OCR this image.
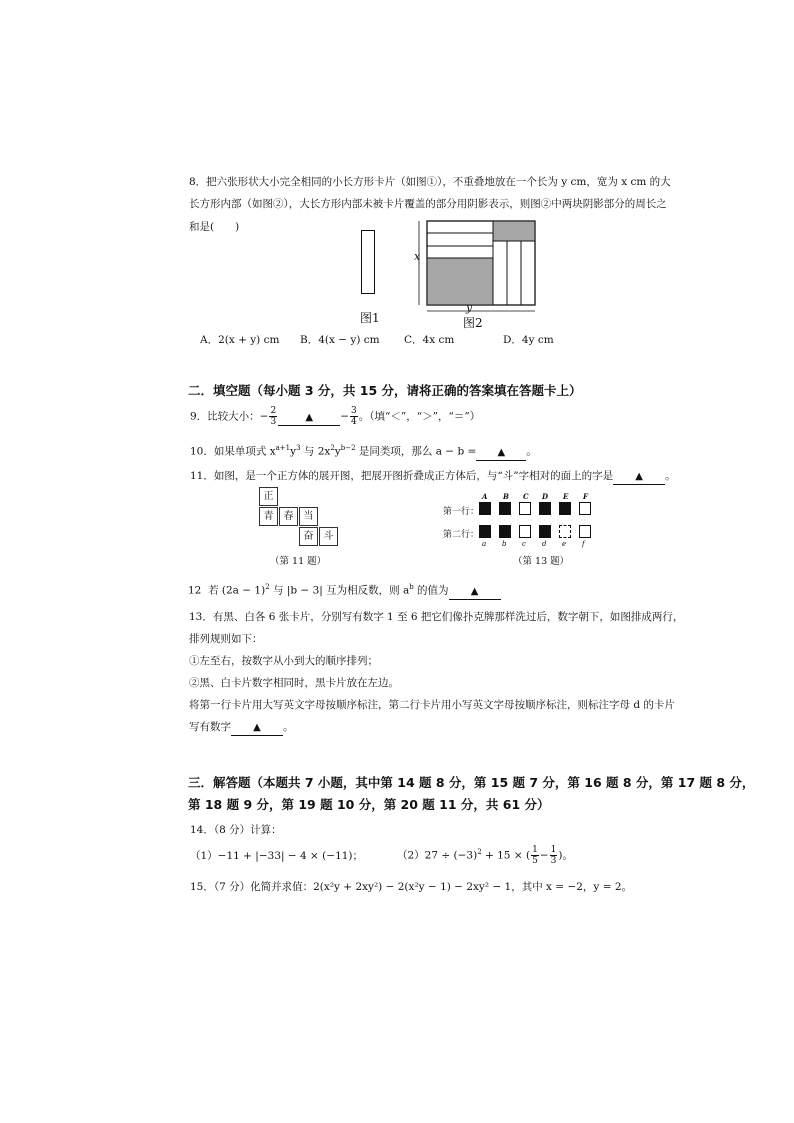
8．把六张形状大小完全相同的小长方形卡片（如图①），不重叠地放在一个长为 y cm，宽为 x cm 的大
长方形内部（如图②），大长方形内部未被卡片覆盖的部分用阴影表示，则图②中两块阴影部分的周长之
和是(　　)
图1
x
y
图2
A．2(x + y) cm B．4(x − y) cm C．4x cm	D．4y cm
二．填空题（每小题 3 分，共 15 分，请将正确的答案填在答题卡上）
9．比较大小：− $\frac{2}{3}$	▲	− $\frac{3}{4}$ 。（填“＜”，“＞”，“＝”）
10．如果单项式 $x^{a+1}y^3$ 与 $2x^2y^{b-2}$ 是同类项，那么 a − b = ▲ 。
11．如图，是一个正方体的展开图，把展开图折叠成正方体后，与“斗”字相对的面上的字是 ▲ 。
正
青	春	当
奋	斗
（第 11 题）
第一行：
第二行：
A B C D E F
a b c d e f
（第 13 题）
12 若 $(2a - 1)^2$ 与 |b − 3| 互为相反数，则 $a^b$ 的值为 ▲
13．有黑、白各 6 张卡片，分别写有数字 1 至 6 把它们像扑克牌那样洗过后，数字朝下，如图排成两行，
排列规则如下：
①左至右，按数字从小到大的顺序排列；
②黑、白卡片数字相同时，黑卡片放在左边。
将第一行卡片用大写英文字母按顺序标注，第二行卡片用小写英文字母按顺序标注，则标注字母 d 的卡片
写有数字 ▲ 。
三．解答题（本题共 7 小题，其中第 14 题 8 分，第 15 题 7 分，第 16 题 8 分，第 17 题 8 分，
第 18 题 9 分，第 19 题 10 分，第 20 题 11 分，共 61 分）
14．（8 分）计算：
（1）−11 + |−33| − 4 × (−11)；	$(2)27 \div (-3)^2 + 15$ × ( $\frac{1}{5} - \frac{1}{3}$ )。
15．（7 分）化简并求值：2(x²y + 2xy²) − 2(x²y − 1) − 2xy² − 1，其中 x = −2，y = 2。
